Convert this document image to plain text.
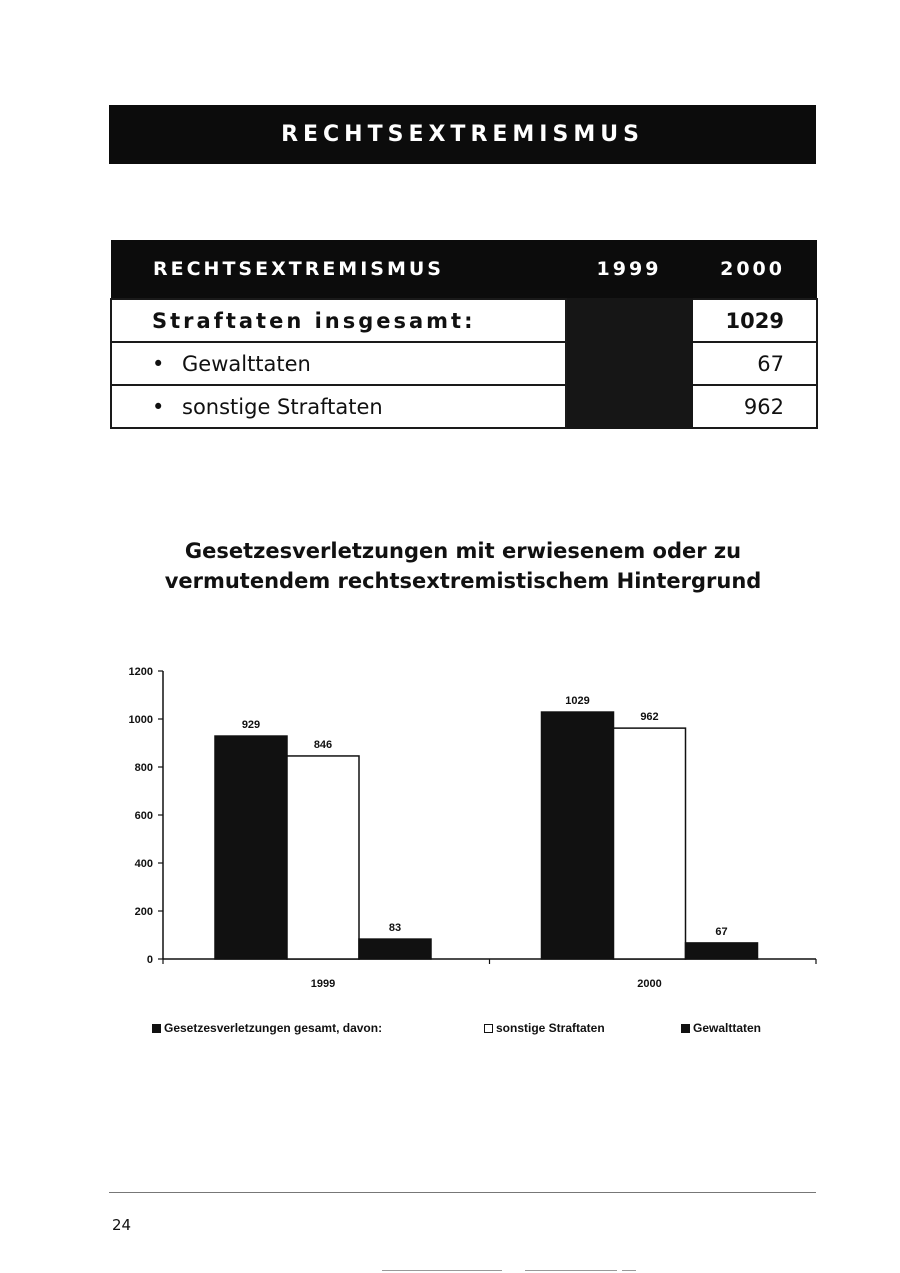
RECHTSEXTREMISMUS
RECHTSEXTREMISMUS	1999	2000
Straftaten insgesamt:		1029
• Gewalttaten		67
• sonstige Straftaten		962
Gesetzesverletzungen mit erwiesenem oder zu
vermutendem rechtsextremistischem Hintergrund
0
200
400
600
800
1000
1200
929
846
83
1999
1029
962
67
2000
Gesetzesverletzungen gesamt, davon:	sonstige Straftaten	Gewalttaten
24
